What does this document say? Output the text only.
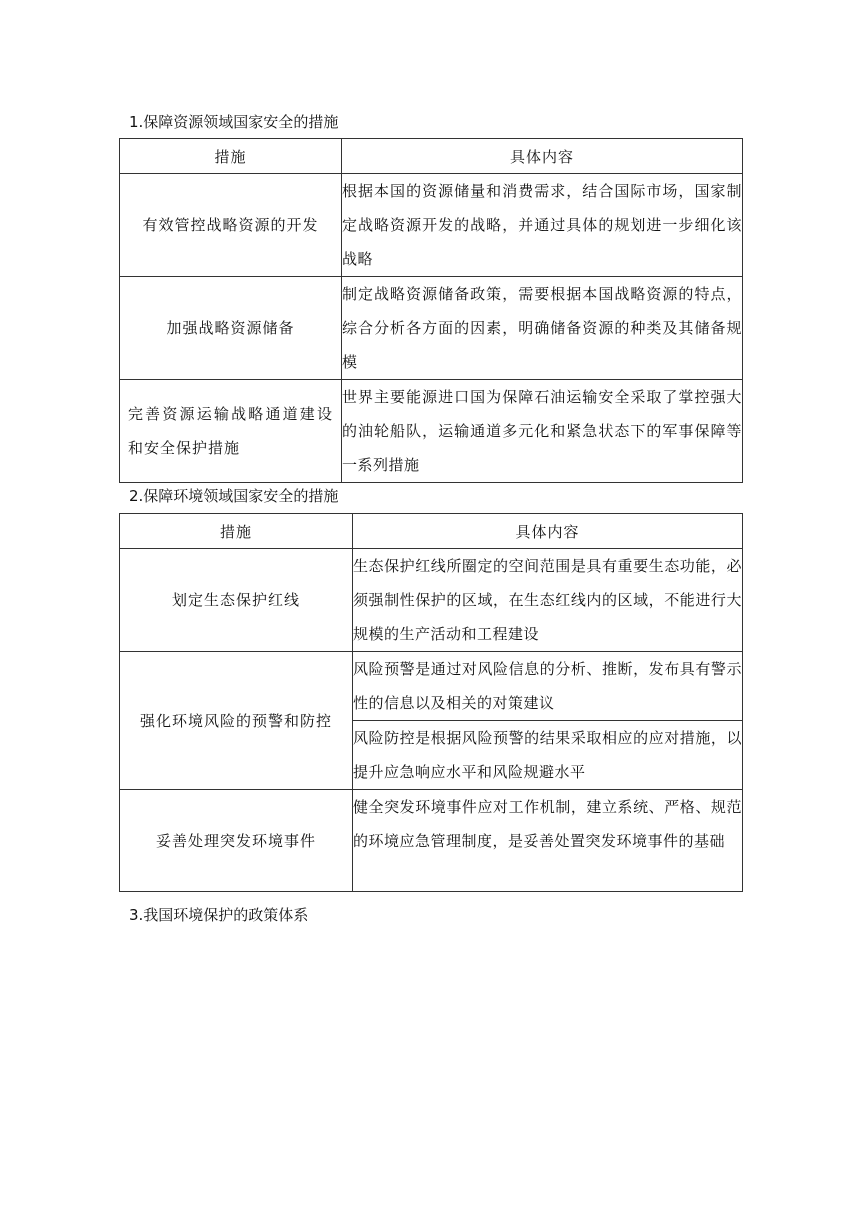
1.保障资源领域国家安全的措施

措施	具体内容
有效管控战略资源的开发	根据本国的资源储量和消费需求，结合国际市场，国家制定战略资源开发的战略，并通过具体的规划进一步细化该战略
加强战略资源储备	制定战略资源储备政策，需要根据本国战略资源的特点，综合分析各方面的因素，明确储备资源的种类及其储备规模
完善资源运输战略通道建设和安全保护措施	世界主要能源进口国为保障石油运输安全采取了掌控强大的油轮船队，运输通道多元化和紧急状态下的军事保障等一系列措施

2.保障环境领域国家安全的措施

措施	具体内容
划定生态保护红线	生态保护红线所圈定的空间范围是具有重要生态功能，必须强制性保护的区域，在生态红线内的区域，不能进行大规模的生产活动和工程建设
强化环境风险的预警和防控	风险预警是通过对风险信息的分析、推断，发布具有警示性的信息以及相关的对策建议
	风险防控是根据风险预警的结果采取相应的应对措施，以提升应急响应水平和风险规避水平
妥善处理突发环境事件	健全突发环境事件应对工作机制，建立系统、严格、规范的环境应急管理制度，是妥善处置突发环境事件的基础

3.我国环境保护的政策体系
